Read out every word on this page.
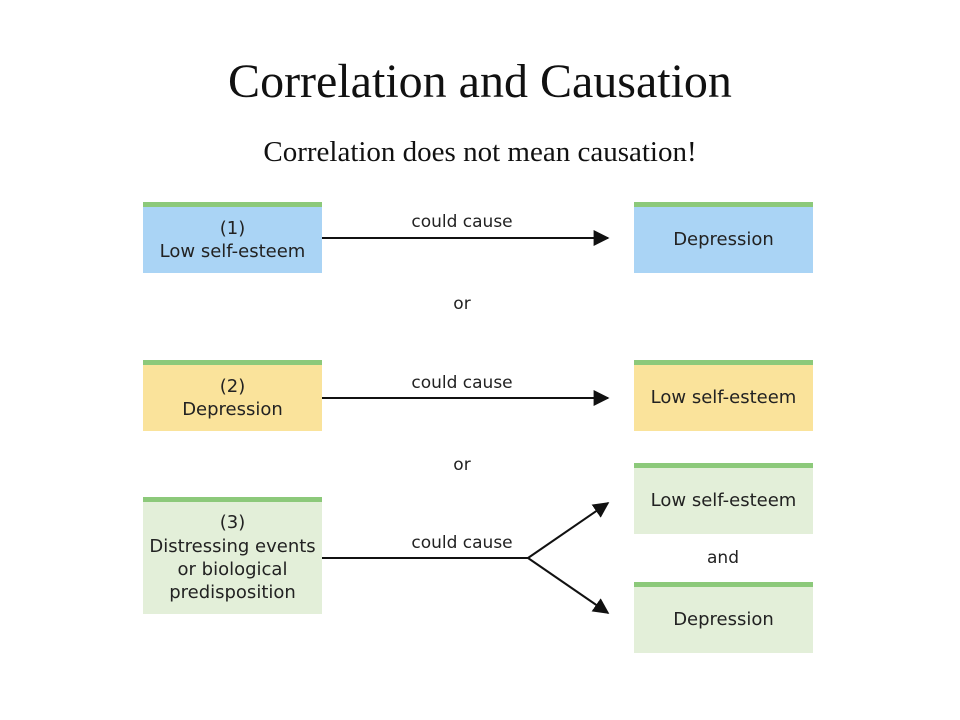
Correlation and Causation
Correlation does not mean causation!
(1)
Low self-esteem
could cause
Depression
or
(2)
Depression
could cause
Low self-esteem
or
(3)
Distressing events
or biological
predisposition
could cause
Low self-esteem
and
Depression
